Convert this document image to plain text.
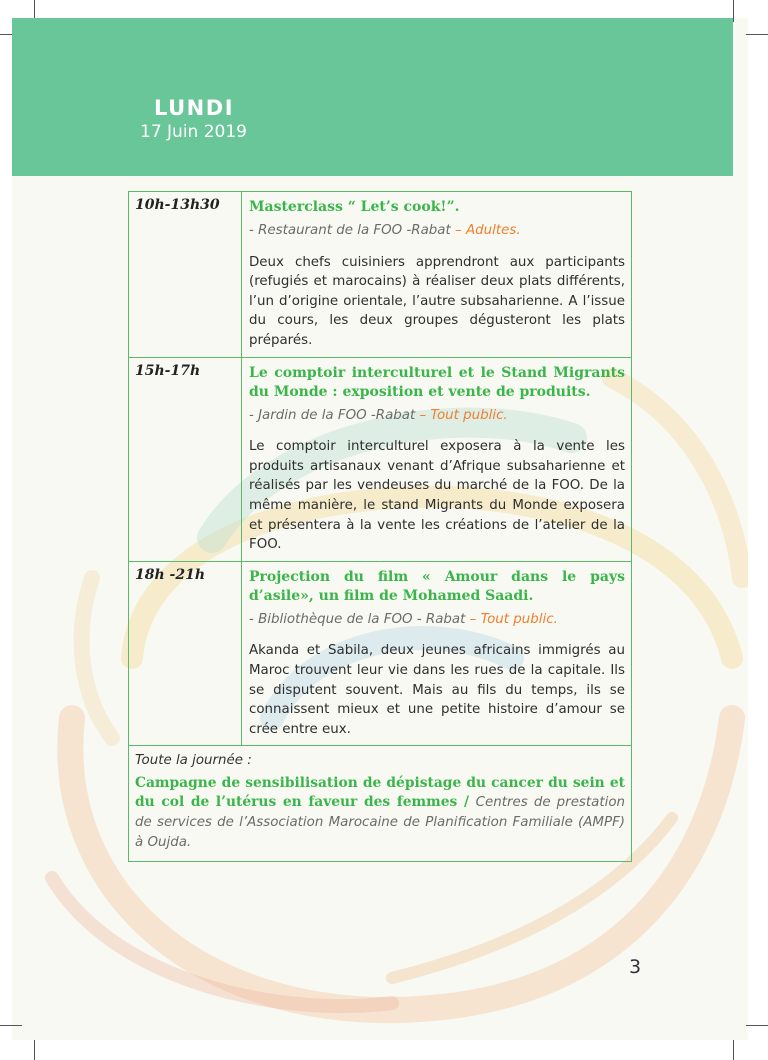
LUNDI
17 Juin 2019
10h-13h30	Masterclass “ Let’s cook!”.
- Restaurant de la FOO -Rabat – Adultes.
Deux chefs cuisiniers apprendront aux participants (refugiés et marocains) à réaliser deux plats différents, l’un d’origine orientale, l’autre subsaharienne. A l’issue du cours, les deux groupes dégusteront les plats préparés.

15h-17h	Le comptoir interculturel et le Stand Migrants du Monde : exposition et vente de produits.
- Jardin de la FOO -Rabat – Tout public.
Le comptoir interculturel exposera à la vente les produits artisanaux venant d’Afrique subsaharienne et réalisés par les vendeuses du marché de la FOO. De la même manière, le stand Migrants du Monde exposera et présentera à la vente les créations de l’atelier de la FOO.

18h -21h	Projection du film « Amour dans le pays d’asile», un film de Mohamed Saadi.
- Bibliothèque de la FOO - Rabat – Tout public.
Akanda et Sabila, deux jeunes africains immigrés au Maroc trouvent leur vie dans les rues de la capitale. Ils se disputent souvent. Mais au fils du temps, ils se connaissent mieux et une petite histoire d’amour se crée entre eux.

Toute la journée :
Campagne de sensibilisation de dépistage du cancer du sein et du col de l’utérus en faveur des femmes / Centres de prestation de services de l’Association Marocaine de Planification Familiale (AMPF) à Oujda.	
3
